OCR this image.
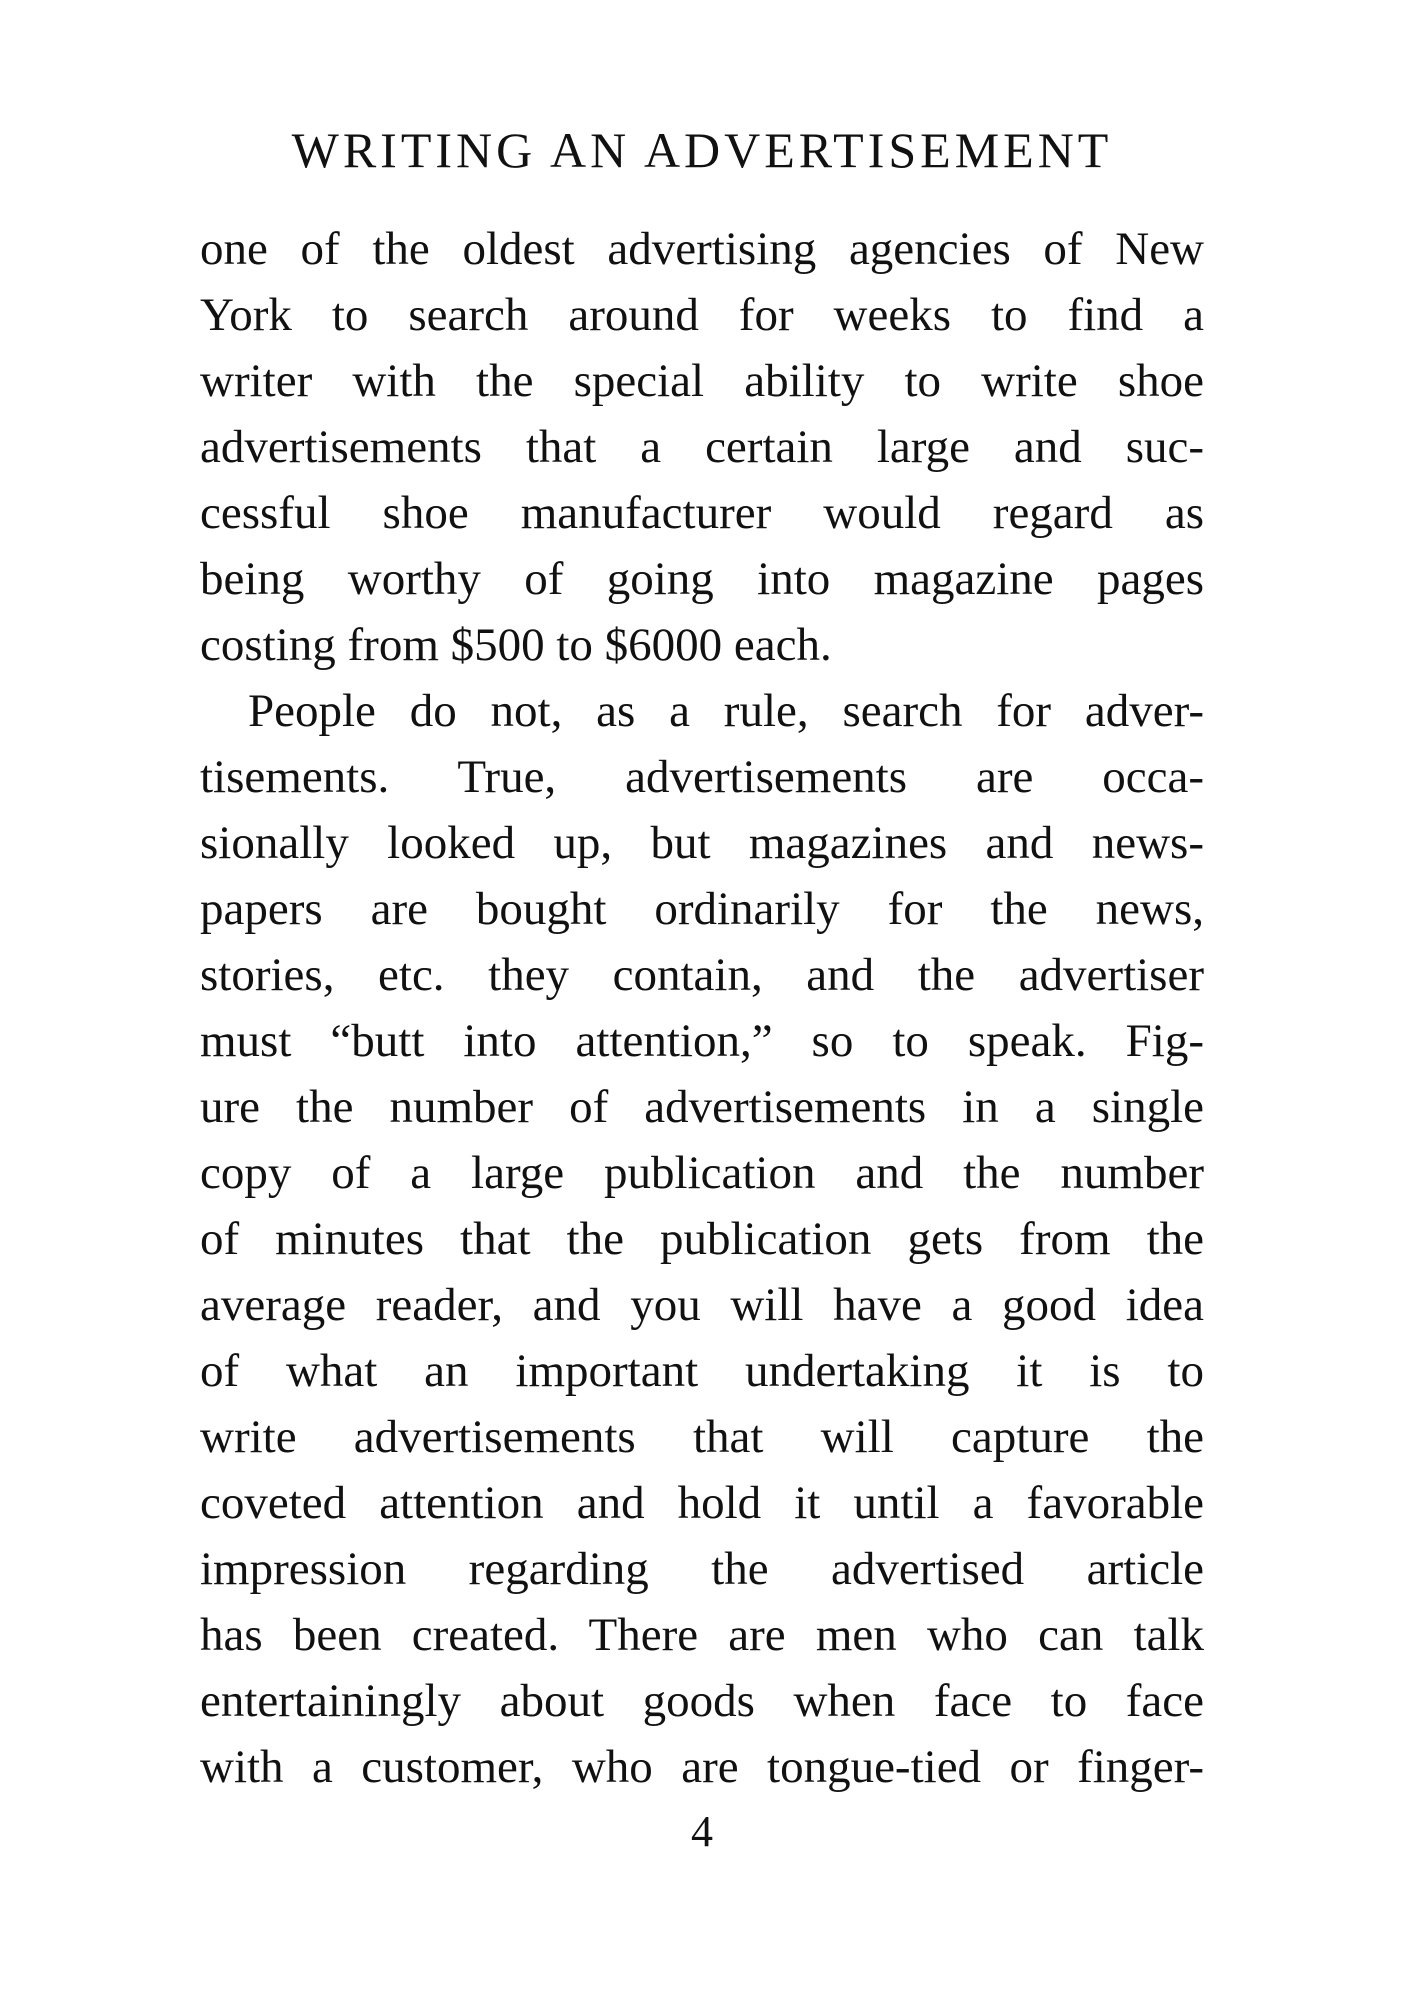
WRITING AN ADVERTISEMENT
one of the oldest advertising agencies of New
York to search around for weeks to find a
writer with the special ability to write shoe
advertisements that a certain large and suc-
cessful shoe manufacturer would regard as
being worthy of going into magazine pages
costing from $500 to $6000 each.
People do not, as a rule, search for adver-
tisements. True, advertisements are occa-
sionally looked up, but magazines and news-
papers are bought ordinarily for the news,
stories, etc. they contain, and the advertiser
must “butt into attention,” so to speak. Fig-
ure the number of advertisements in a single
copy of a large publication and the number
of minutes that the publication gets from the
average reader, and you will have a good idea
of what an important undertaking it is to
write advertisements that will capture the
coveted attention and hold it until a favorable
impression regarding the advertised article
has been created. There are men who can talk
entertainingly about goods when face to face
with a customer, who are tongue-tied or finger-
4
